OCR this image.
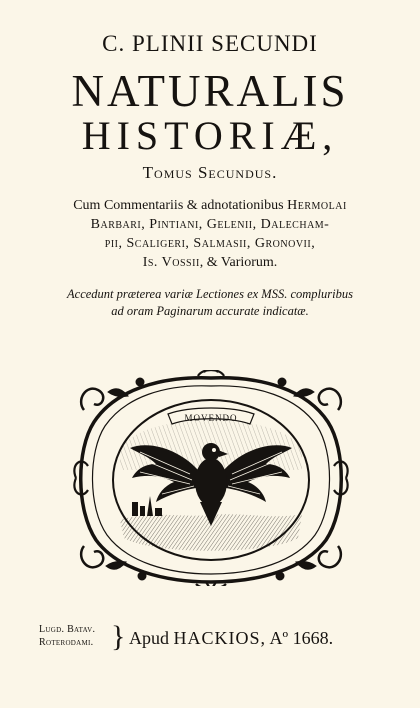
C. PLINII SECUNDI
NATURALIS
HISTORIÆ,
Tomus Secundus.
Cum Commentariis & adnotationibus Hermolai
Barbari, Pintiani, Gelenii, Dalecham-
pii, Scaligeri, Salmasii, Gronovii,
Is. Vossii, & Variorum.
Accedunt præterea variæ Lectiones ex MSS. compluribus
ad oram Paginarum accurate indicatæ.
MOVENDO
Lugd. Batav.
Roterodami. } Apud HACKIOS, Aº 1668.
